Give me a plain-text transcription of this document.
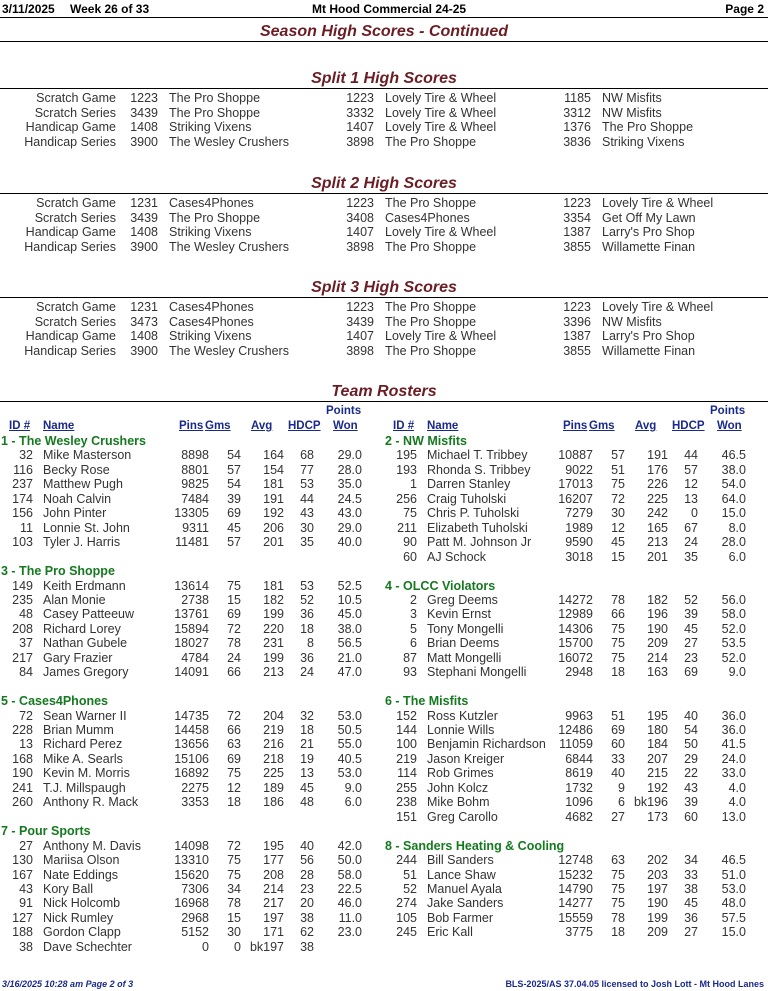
3/11/2025 Week 26 of 33	Mt Hood Commercial 24-25	Page 2
Season High Scores - Continued
Split 1 High Scores
Scratch Game	1223 The Pro Shoppe	1223 Lovely Tire & Wheel	1185 NW Misfits
Scratch Series	3439 The Pro Shoppe	3332 Lovely Tire & Wheel	3312 NW Misfits
Handicap Game	1408 Striking Vixens	1407 Lovely Tire & Wheel	1376 The Pro Shoppe
Handicap Series	3900 The Wesley Crushers	3898 The Pro Shoppe	3836 Striking Vixens
Split 2 High Scores
Scratch Game	1231 Cases4Phones	1223 The Pro Shoppe	1223 Lovely Tire & Wheel
Scratch Series	3439 The Pro Shoppe	3408 Cases4Phones	3354 Get Off My Lawn
Handicap Game	1408 Striking Vixens	1407 Lovely Tire & Wheel	1387 Larry's Pro Shop
Handicap Series	3900 The Wesley Crushers	3898 The Pro Shoppe	3855 Willamette Finan
Split 3 High Scores
Scratch Game	1231 Cases4Phones	1223 The Pro Shoppe	1223 Lovely Tire & Wheel
Scratch Series	3473 Cases4Phones	3439 The Pro Shoppe	3396 NW Misfits
Handicap Game	1408 Striking Vixens	1407 Lovely Tire & Wheel	1387 Larry's Pro Shop
Handicap Series	3900 The Wesley Crushers	3898 The Pro Shoppe	3855 Willamette Finan
Team Rosters
ID # Name	Pins Gms Avg HDCP
Points
Won	ID # Name	Pins Gms Avg HDCP
Points
Won
1 - The Wesley Crushers
32 Mike Masterson	8898 54 164 68 29.0
116 Becky Rose	8801 57 154 77 28.0
237 Matthew Pugh	9825 54 181 53 35.0
174 Noah Calvin	7484 39 191 44 24.5
156 John Pinter	13305 69 192 43 43.0
11 Lonnie St. John	9311 45 206 30 29.0
103 Tyler J. Harris	11481 57 201 35 40.0
3 - The Pro Shoppe
149 Keith Erdmann	13614 75 181 53 52.5
235 Alan Monie	2738 15 182 52 10.5
48 Casey Patteeuw	13761 69 199 36 45.0
208 Richard Lorey	15894 72 220 18 38.0
37 Nathan Gubele	18027 78 231 8 56.5
217 Gary Frazier	4784 24 199 36 21.0
84 James Gregory	14091 66 213 24 47.0
5 - Cases4Phones
72 Sean Warner II	14735 72 204 32 53.0
228 Brian Mumm	14458 66 219 18 50.5
13 Richard Perez	13656 63 216 21 55.0
168 Mike A. Searls	15106 69 218 19 40.5
190 Kevin M. Morris	16892 75 225 13 53.0
241 T.J. Millspaugh	2275 12 189 45 9.0
260 Anthony R. Mack	3353 18 186 48 6.0
7 - Pour Sports
27 Anthony M. Davis	14098 72 195 40 42.0
130 Mariisa Olson	13310 75 177 56 50.0
167 Nate Eddings	15620 75 208 28 58.0
43 Kory Ball	7306 34 214 23 22.5
91 Nick Holcomb	16968 78 217 20 46.0
127 Nick Rumley	2968 15 197 38 11.0
188 Gordon Clapp	5152 30 171 62 23.0
38 Dave Schechter	0 0 bk197 38
2 - NW Misfits
195 Michael T. Tribbey 10887 57 191 44 46.5
193 Rhonda S. Tribbey	9022 51 176 57 38.0
1 Darren Stanley	17013 75 226 12 54.0
256 Craig Tuholski	16207 72 225 13 64.0
75 Chris P. Tuholski	7279 30 242 0 15.0
211 Elizabeth Tuholski	1989 12 165 67 8.0
90 Patt M. Johnson Jr	9590 45 213 24 28.0
60 AJ Schock	3018 15 201 35 6.0
4 - OLCC Violators
2 Greg Deems	14272 78 182 52 56.0
3 Kevin Ernst	12989 66 196 39 58.0
5 Tony Mongelli	14306 75 190 45 52.0
6 Brian Deems	15700 75 209 27 53.5
87 Matt Mongelli	16072 75 214 23 52.0
93 Stephani Mongelli	2948 18 163 69 9.0
6 - The Misfits
152 Ross Kutzler	9963 51 195 40 36.0
144 Lonnie Wills	12486 69 180 54 36.0
100 Benjamin Richardson 11059 60 184 50 41.5
219 Jason Kreiger	6844 33 207 29 24.0
114 Rob Grimes	8619 40 215 22 33.0
255 John Kolcz	1732 9 192 43 4.0
238 Mike Bohm	1096 6 bk196 39 4.0
151 Greg Carollo	4682 27 173 60 13.0
8 - Sanders Heating & Cooling
244 Bill Sanders	12748 63 202 34 46.5
51 Lance Shaw	15232 75 203 33 51.0
52 Manuel Ayala	14790 75 197 38 53.0
274 Jake Sanders	14277 75 190 45 48.0
105 Bob Farmer	15559 78 199 36 57.5
245 Eric Kall	3775 18 209 27 15.0
3/16/2025 10:28 am Page 2 of 3	BLS-2025/AS 37.04.05 licensed to Josh Lott - Mt Hood Lanes
